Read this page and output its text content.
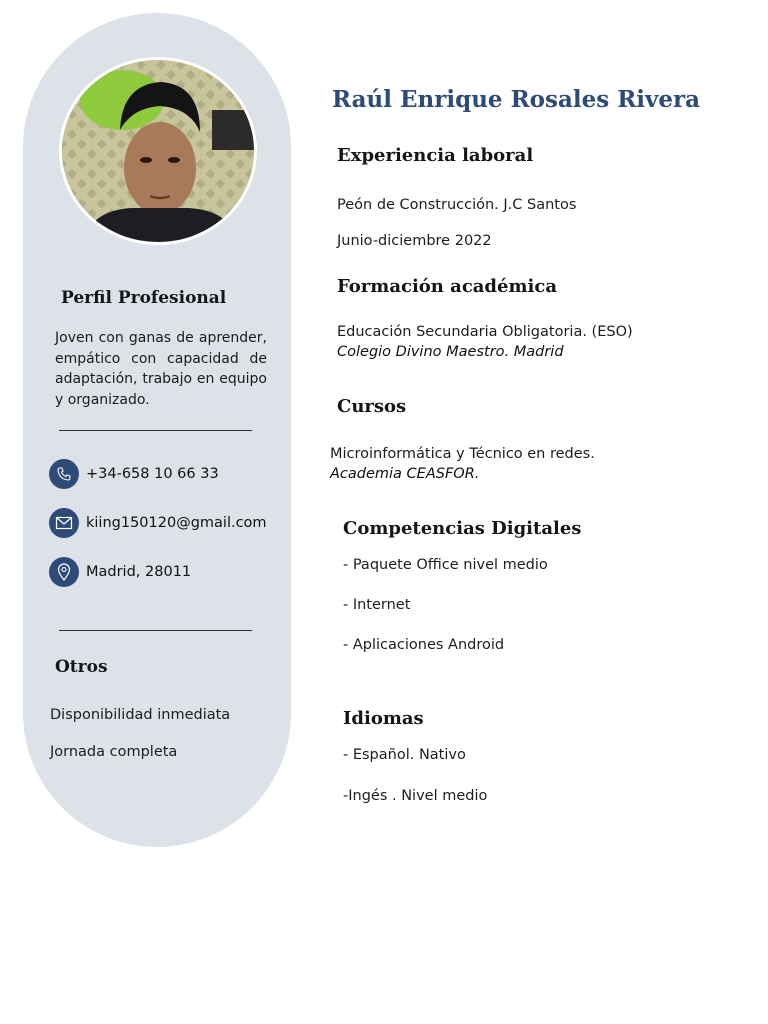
Perfil Profesional

Joven con ganas de aprender, empático con capacidad de adaptación, trabajo en equipo y organizado.

+34-658 10 66 33
kiing150120@gmail.com
Madrid, 28011
Otros
Disponibilidad inmediata
Jornada completa
Raúl Enrique Rosales Rivera
Experiencia laboral
Peón de Construcción. J.C Santos
Junio-diciembre 2022
Formación académica
Educación Secundaria Obligatoria. (ESO)
Colegio Divino Maestro. Madrid
Cursos
Microinformática y Técnico en redes.
Academia CEASFOR.
Competencias Digitales
- Paquete Office nivel medio
- Internet
- Aplicaciones Android
Idiomas
- Español. Nativo
-Ingés . Nivel medio
